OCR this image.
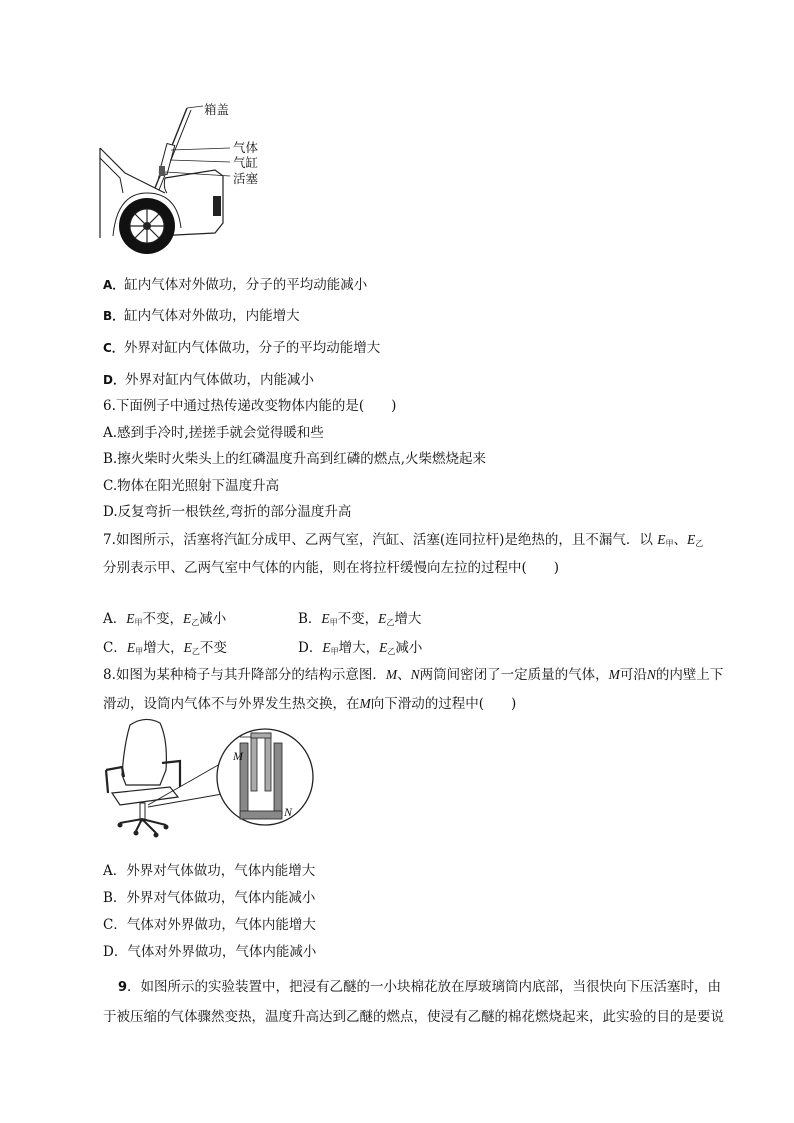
箱盖
气体
气缸
活塞
A．缸内气体对外做功，分子的平均动能减小
B．缸内气体对外做功，内能增大
C．外界对缸内气体做功，分子的平均动能增大
D．外界对缸内气体做功，内能减小
6.下面例子中通过热传递改变物体内能的是(　　)
A.感到手冷时,搓搓手就会觉得暖和些
B.擦火柴时火柴头上的红磷温度升高到红磷的燃点,火柴燃烧起来
C.物体在阳光照射下温度升高
D.反复弯折一根铁丝,弯折的部分温度升高
7.如图所示，活塞将汽缸分成甲、乙两气室，汽缸、活塞(连同拉杆)是绝热的，且不漏气．以 $E_甲$、$E_乙$
分别表示甲、乙两气室中气体的内能，则在将拉杆缓慢向左拉的过程中(　　)
A．$E_甲$不变，$E_乙$减小	B．$E_甲$不变，$E_乙$增大
C．$E_甲$增大，$E_乙$不变	D．$E_甲$增大，$E_乙$减小
8.如图为某种椅子与其升降部分的结构示意图．M、N两筒间密闭了一定质量的气体，M可沿N的内壁上下
滑动，设筒内气体不与外界发生热交换，在M向下滑动的过程中(　　)
M
N
A．外界对气体做功，气体内能增大
B．外界对气体做功，气体内能减小
C．气体对外界做功，气体内能增大
D．气体对外界做功，气体内能减小
9．如图所示的实验装置中，把浸有乙醚的一小块棉花放在厚玻璃筒内底部，当很快向下压活塞时，由
于被压缩的气体骤然变热，温度升高达到乙醚的燃点，使浸有乙醚的棉花燃烧起来，此实验的目的是要说
